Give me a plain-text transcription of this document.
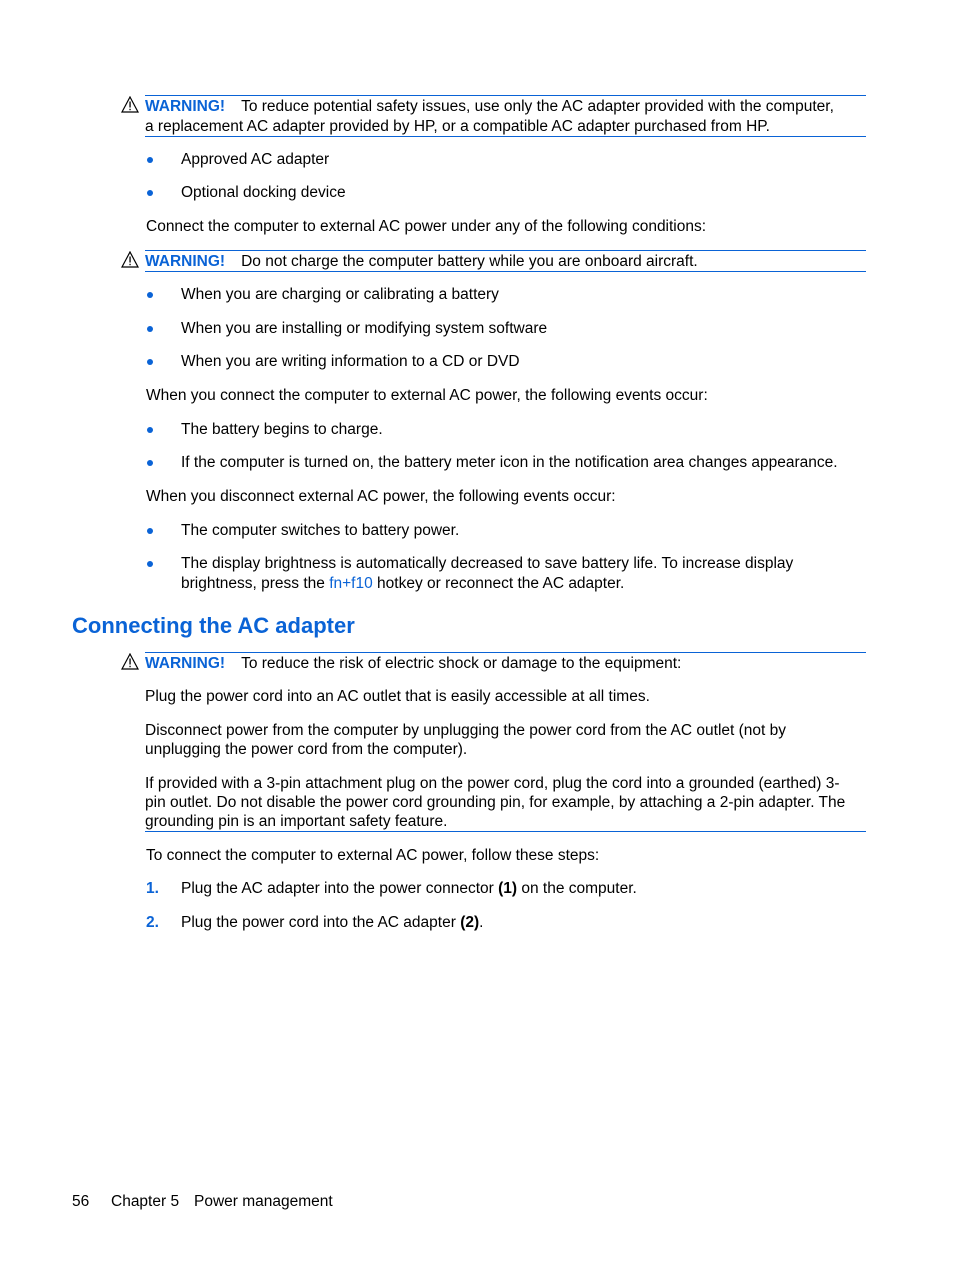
WARNING! To reduce potential safety issues, use only the AC adapter provided with the computer,
a replacement AC adapter provided by HP, or a compatible AC adapter purchased from HP.
Approved AC adapter
Optional docking device
Connect the computer to external AC power under any of the following conditions:
WARNING! Do not charge the computer battery while you are onboard aircraft.
When you are charging or calibrating a battery
When you are installing or modifying system software
When you are writing information to a CD or DVD
When you connect the computer to external AC power, the following events occur:
The battery begins to charge.
If the computer is turned on, the battery meter icon in the notification area changes appearance.
When you disconnect external AC power, the following events occur:
The computer switches to battery power.
The display brightness is automatically decreased to save battery life. To increase display
brightness, press the fn+f10 hotkey or reconnect the AC adapter.
Connecting the AC adapter
WARNING! To reduce the risk of electric shock or damage to the equipment:
Plug the power cord into an AC outlet that is easily accessible at all times.
Disconnect power from the computer by unplugging the power cord from the AC outlet (not by
unplugging the power cord from the computer).
If provided with a 3-pin attachment plug on the power cord, plug the cord into a grounded (earthed) 3-
pin outlet. Do not disable the power cord grounding pin, for example, by attaching a 2-pin adapter. The
grounding pin is an important safety feature.
To connect the computer to external AC power, follow these steps:
1. Plug the AC adapter into the power connector (1) on the computer.
2. Plug the power cord into the AC adapter (2).
56 Chapter 5 Power management
